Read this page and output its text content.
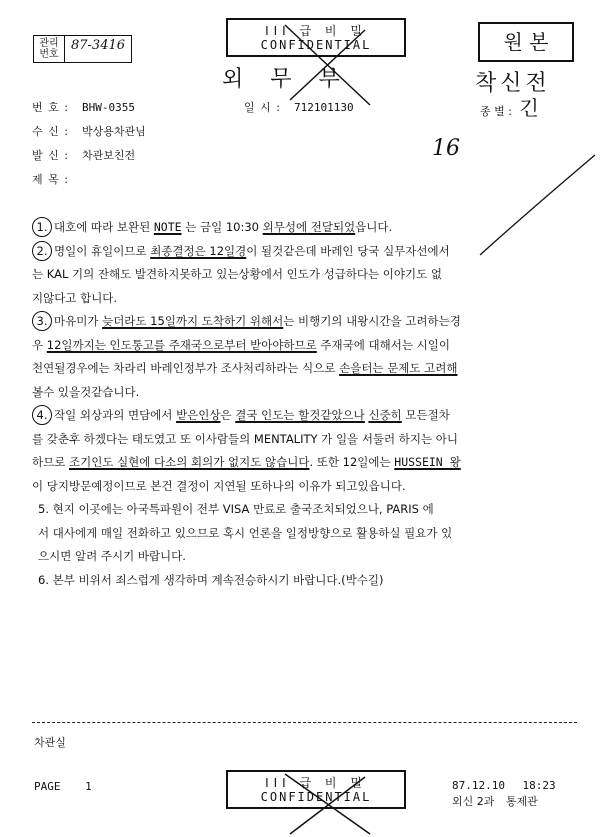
관리
번호
87-3416
III 급 비 밀
CONFIDENTIAL
외 무 부
원 본
착신전
번 호 : BHW-0355	일 시 : 712101130	종 별 : 긴
수 신 : 박상용차관님
발 신 : 차관보친전
제 목 :
16

1. 대호에 따라 보완된 NOTE 는 금일 10:30 외무성에 전달되었읍니다.

2. 명일이 휴일이므로 최종결정은 12일경이 될것같은데 바레인 당국 실무자선에서
는 KAL 기의 잔해도 발견하지못하고 있는상황에서 인도가 성급하다는 이야기도 없
지않다고 합니다.

3. 마유미가 늦더라도 15일까지 도착하기 위해서는 비행기의 내왕시간을 고려하는경
우 12일까지는 인도통고를 주재국으로부터 받아야하므로 주재국에 대해서는 시일이
천연될경우에는 차라리 바레인정부가 조사처리하라는 식으로 손을터는 문제도 고려해
볼수 있을것같습니다.

4. 작일 외상과의 면담에서 받은인상은 결국 인도는 할것같았으나 신중히 모든절차
를 갖춘후 하겠다는 태도였고 또 이사람들의 MENTALITY 가 일을 서둘러 하지는 아니
하므로 조기인도 실현에 다소의 회의가 없지도 않습니다. 또한 12일에는 HUSSEIN 왕
이 당지방문예정이므로 본건 결정이 지연될 또하나의 이유가 되고있읍니다.

5. 현지 이곳에는 아국특파원이 전부 VISA 만료로 출국조치되었으나, PARIS 에
서 대사에게 매일 전화하고 있으므로 혹시 언론을 일정방향으로 활용하실 필요가 있
으시면 알려 주시기 바랍니다.

6. 본부 비위서 죄스럽게 생각하며 계속전승하시기 바랍니다.(박수길)

차관실
PAGE 1	III 급 비 밀
CONFIDENTIAL
87.12.10 18:23
외신 2과 통제관
